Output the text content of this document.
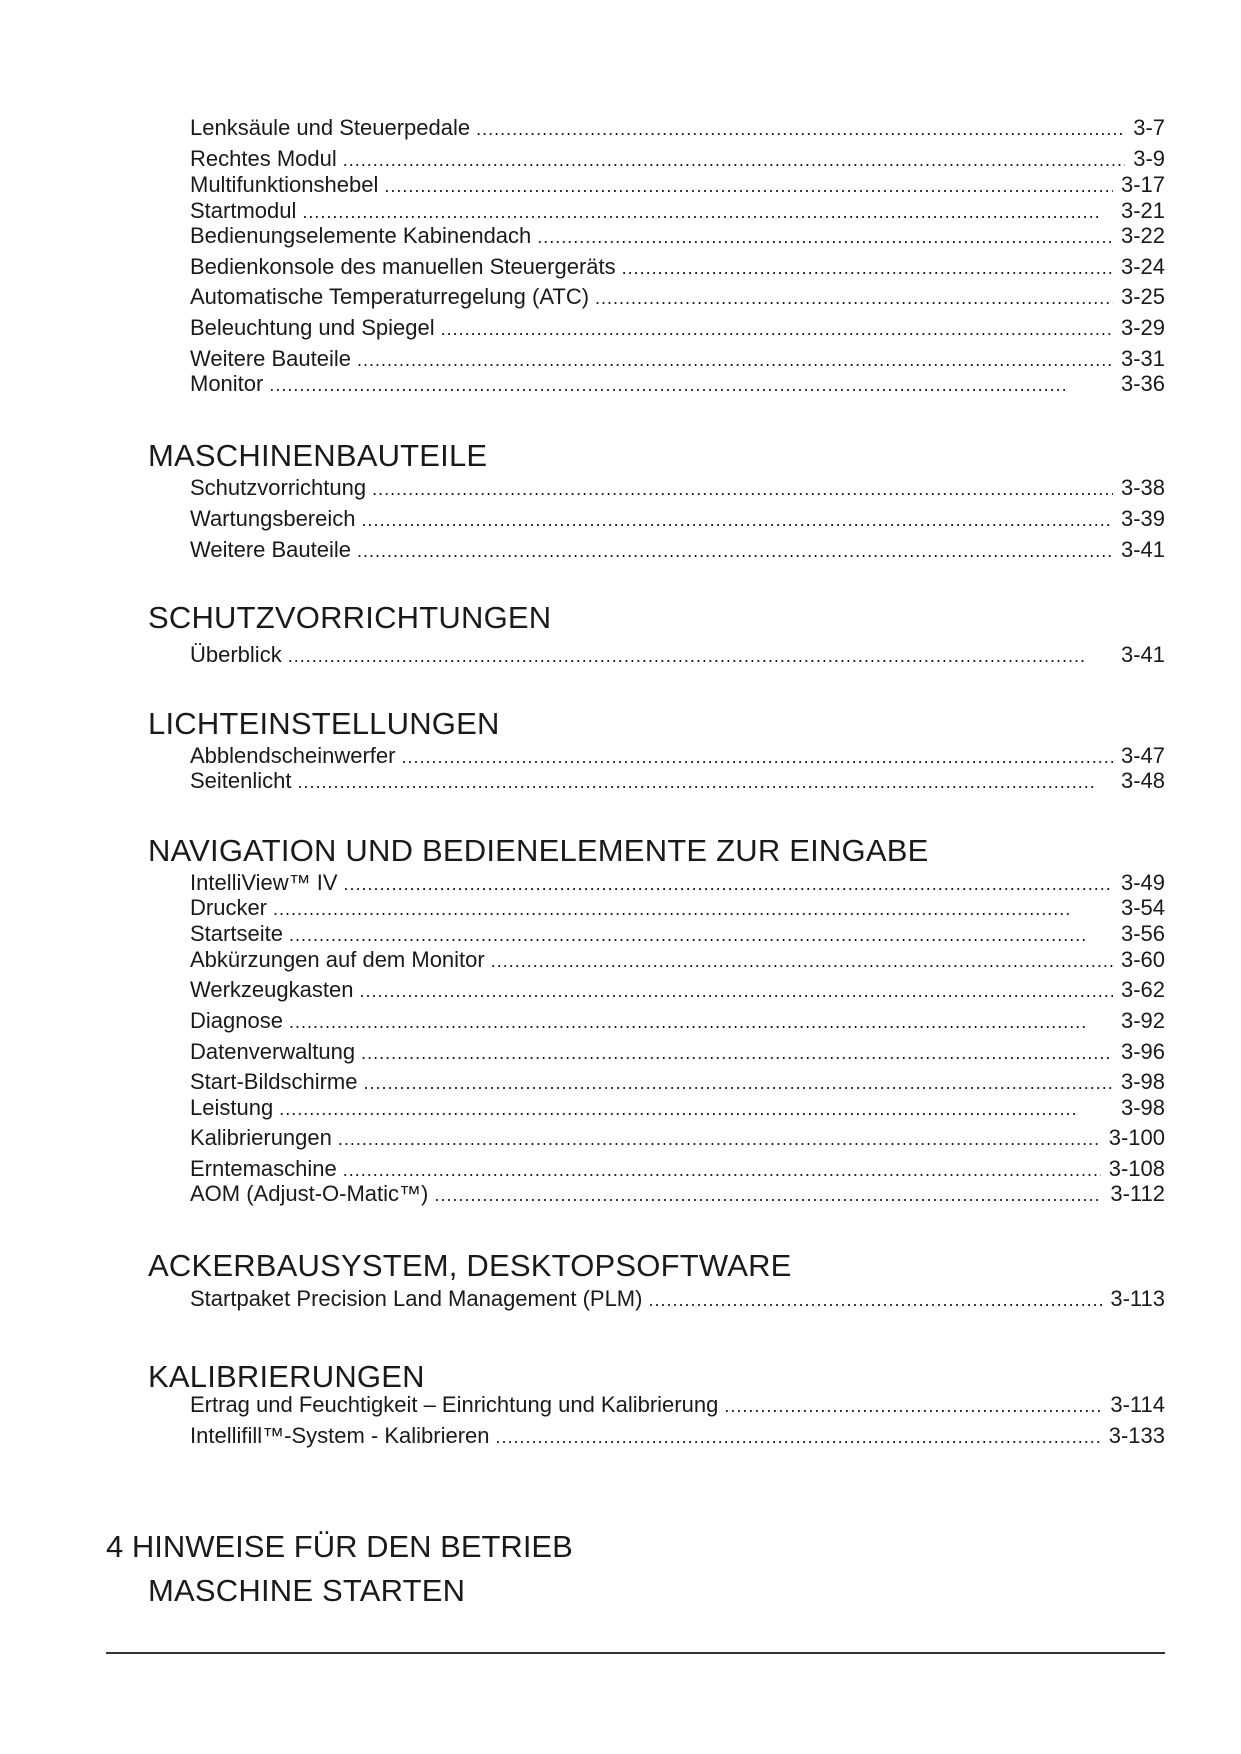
Lenksäule und Steuerpedale . . .	3-7
Rechtes Modul . . .	3-9
Multifunktionshebel . . .	3-17
Startmodul . . .	3-21
Bedienungselemente Kabinendach . . .	3-22
Bedienkonsole des manuellen Steuergeräts . . .	3-24
Automatische Temperaturregelung (ATC) . . .	3-25
Beleuchtung und Spiegel . . .	3-29
Weitere Bauteile . . .	3-31
Monitor . . .	3-36
MASCHINENBAUTEILE
Schutzvorrichtung . . .	3-38
Wartungsbereich . . .	3-39
Weitere Bauteile . . .	3-41
SCHUTZVORRICHTUNGEN
Überblick . . .	3-41
LICHTEINSTELLUNGEN
Abblendscheinwerfer . . .	3-47
Seitenlicht . . .	3-48
NAVIGATION UND BEDIENELEMENTE ZUR EINGABE
IntelliView™ IV . . .	3-49
Drucker . . .	3-54
Startseite . . .	3-56
Abkürzungen auf dem Monitor . . .	3-60
Werkzeugkasten . . .	3-62
Diagnose . . .	3-92
Datenverwaltung . . .	3-96
Start-Bildschirme . . .	3-98
Leistung . . .	3-98
Kalibrierungen . . .	3-100
Erntemaschine . . .	3-108
AOM (Adjust-O-Matic™) . . .	3-112
ACKERBAUSYSTEM, DESKTOPSOFTWARE
Startpaket Precision Land Management (PLM) . . .	3-113
KALIBRIERUNGEN
Ertrag und Feuchtigkeit – Einrichtung und Kalibrierung . . .	3-114
Intellifill™-System - Kalibrieren . . .	3-133
4 HINWEISE FÜR DEN BETRIEB
MASCHINE STARTEN
